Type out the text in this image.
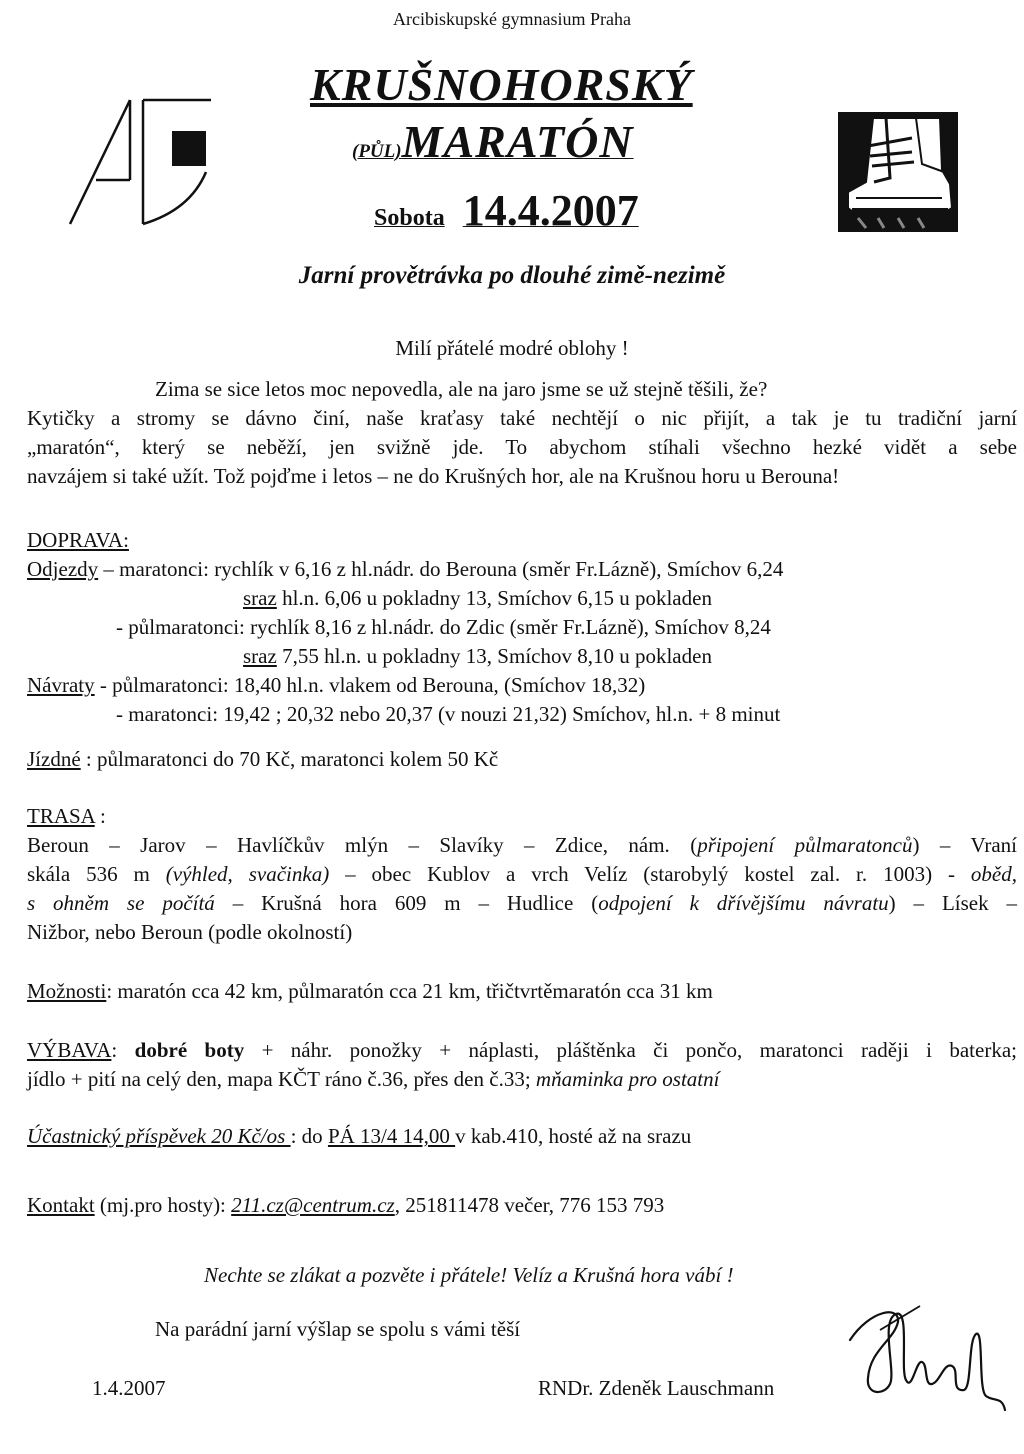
Arcibiskupské gymnasium Praha
KRUŠNOHORSKÝ
(PŮL)MARATÓN
Sobota 14.4.2007
Jarní provětrávka po dlouhé zimě-nezimě
Milí přátelé modré oblohy !
Zima se sice letos moc nepovedla, ale na jaro jsme se už stejně těšili, že?
Kytičky a stromy se dávno činí, naše kraťasy také nechtějí o nic přijít, a tak je tu tradiční jarní
„maratón“, který se neběží, jen svižně jde. To abychom stíhali všechno hezké vidět a sebe
navzájem si také užít. Tož pojďme i letos – ne do Krušných hor, ale na Krušnou horu u Berouna!
DOPRAVA:
Odjezdy – maratonci: rychlík v 6,16 z hl.nádr. do Berouna (směr Fr.Lázně), Smíchov 6,24
sraz hl.n. 6,06 u pokladny 13, Smíchov 6,15 u pokladen
- půlmaratonci: rychlík 8,16 z hl.nádr. do Zdic (směr Fr.Lázně), Smíchov 8,24
sraz 7,55 hl.n. u pokladny 13, Smíchov 8,10 u pokladen
Návraty - půlmaratonci: 18,40 hl.n. vlakem od Berouna, (Smíchov 18,32)
- maratonci: 19,42 ; 20,32 nebo 20,37 (v nouzi 21,32) Smíchov, hl.n. + 8 minut
Jízdné : půlmaratonci do 70 Kč, maratonci kolem 50 Kč
TRASA :
Beroun – Jarov – Havlíčkův mlýn – Slavíky – Zdice, nám. (připojení půlmaratonců) – Vraní
skála 536 m (výhled, svačinka) – obec Kublov a vrch Velíz (starobylý kostel zal. r. 1003) - oběd,
s ohněm se počítá – Krušná hora 609 m – Hudlice (odpojení k dřívějšímu návratu) – Lísek –
Nižbor, nebo Beroun (podle okolností)
Možnosti: maratón cca 42 km, půlmaratón cca 21 km, třičtvrtěmaratón cca 31 km
VÝBAVA: dobré boty + náhr. ponožky + náplasti, pláštěnka či pončo, maratonci raději i baterka;
jídlo + pití na celý den, mapa KČT ráno č.36, přes den č.33; mňaminka pro ostatní
Účastnický příspěvek 20 Kč/os : do PÁ 13/4 14,00 v kab.410, hosté až na srazu
Kontakt (mj.pro hosty): 211.cz@centrum.cz, 251811478 večer, 776 153 793
Nechte se zlákat a pozvěte i přátele! Velíz a Krušná hora vábí !
Na parádní jarní výšlap se spolu s vámi těší
1.4.2007	RNDr. Zdeněk Lauschmann
